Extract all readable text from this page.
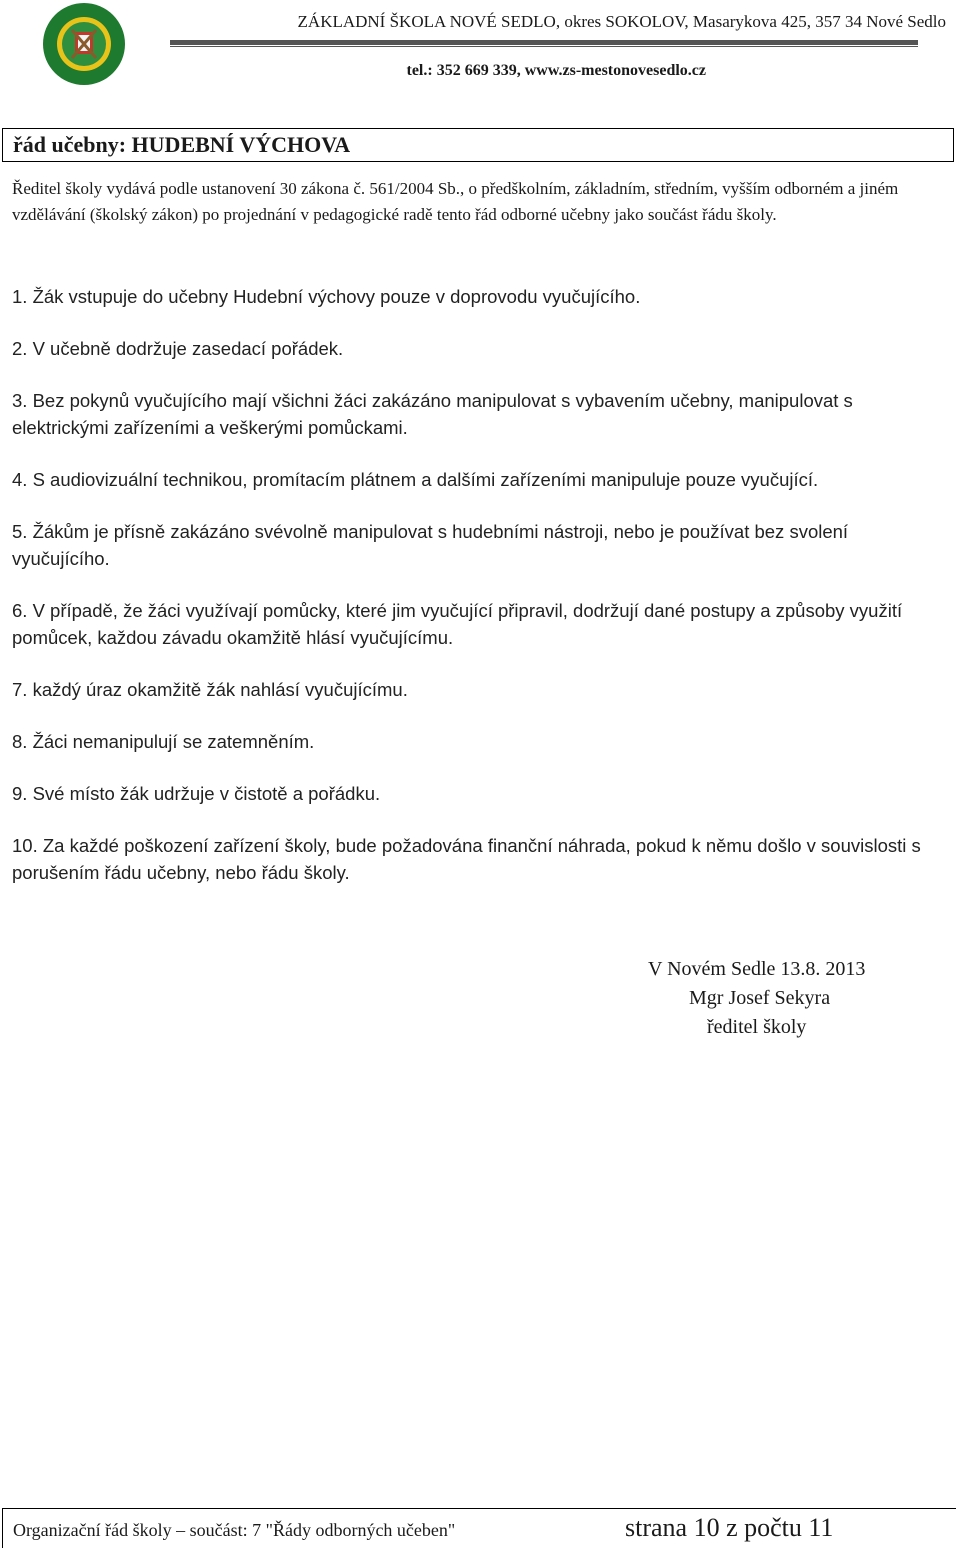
ZÁKLADNÍ ŠKOLA NOVÉ SEDLO, okres SOKOLOV, Masarykova 425, 357 34 Nové Sedlo
tel.: 352 669 339, www.zs-mestonovesedlo.cz
řád učebny: HUDEBNÍ VÝCHOVA
Ředitel školy vydává podle ustanovení 30 zákona č. 561/2004 Sb., o předškolním, základním, středním, vyšším odborném a jiném vzdělávání (školský zákon) po projednání v pedagogické radě tento řád odborné učebny jako součást řádu školy.
1. Žák vstupuje do učebny Hudební výchovy pouze v doprovodu vyučujícího.
2. V učebně dodržuje zasedací pořádek.
3. Bez pokynů vyučujícího mají všichni žáci zakázáno manipulovat s vybavením učebny, manipulovat s elektrickými zařízeními a veškerými pomůckami.
4. S audiovizuální technikou, promítacím plátnem a dalšími zařízeními manipuluje pouze vyučující.
5. Žákům je přísně zakázáno svévolně manipulovat s hudebními nástroji, nebo je používat bez svolení vyučujícího.
6. V případě, že žáci využívají pomůcky, které jim vyučující připravil, dodržují dané postupy a způsoby využití pomůcek, každou závadu okamžitě hlásí vyučujícímu.
7. každý úraz okamžitě žák nahlásí vyučujícímu.
8. Žáci nemanipulují se zatemněním.
9. Své místo žák udržuje v čistotě a pořádku.
10. Za každé poškození zařízení školy, bude požadována finanční náhrada, pokud k němu došlo v souvislosti s porušením řádu učebny, nebo řádu školy.
V Novém Sedle 13.8. 2013
Mgr Josef Sekyra
ředitel školy
Organizační řád školy – součást: 7 "Řády odborných učeben"	strana 10 z počtu 11
